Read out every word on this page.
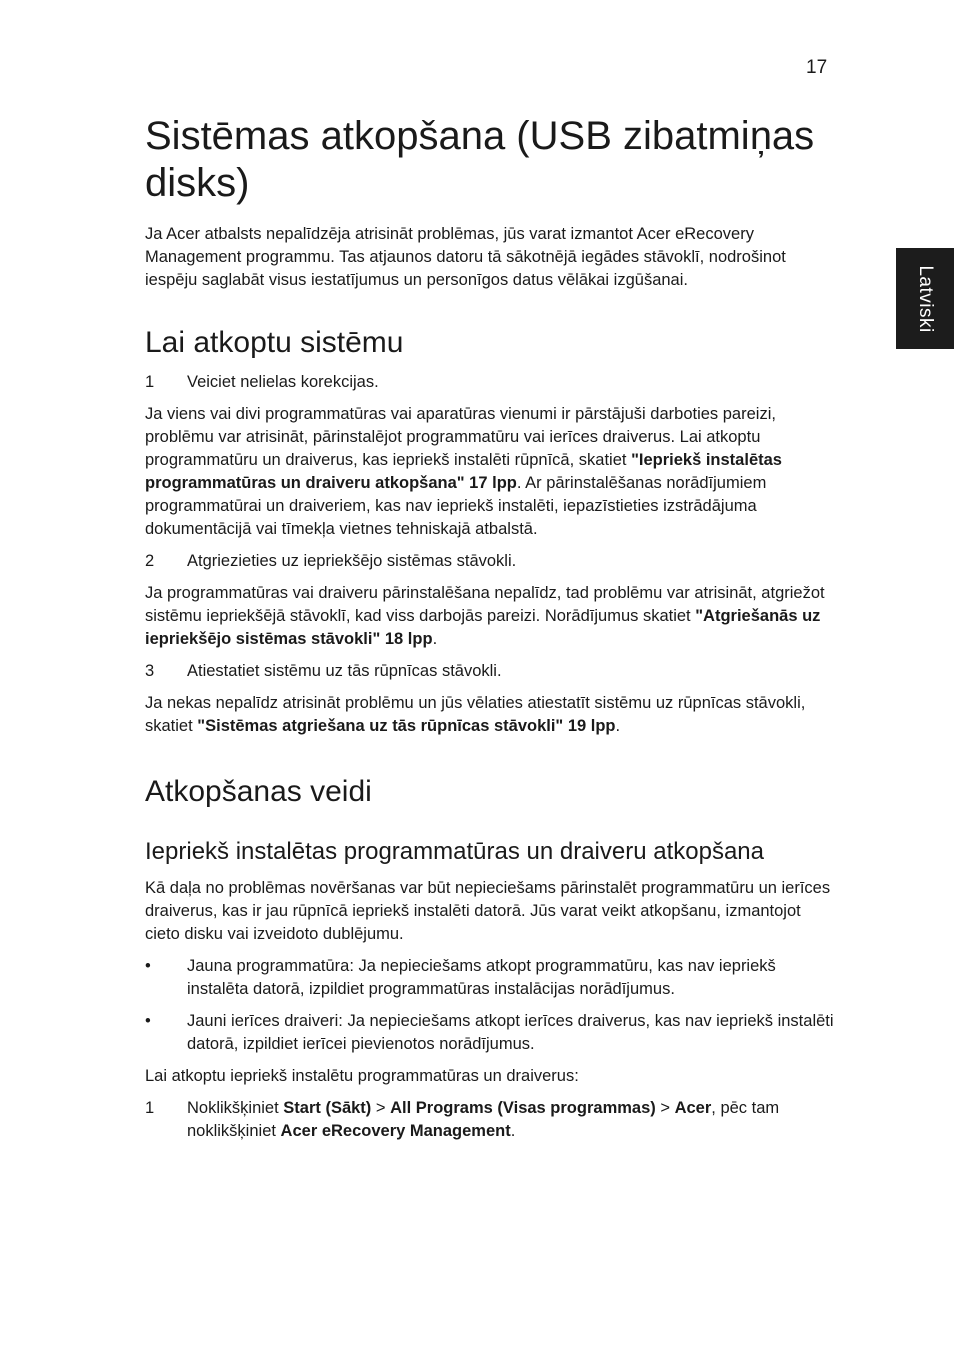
17
Latviski
Sistēmas atkopšana (USB zibatmiņas disks)

Ja Acer atbalsts nepalīdzēja atrisināt problēmas, jūs varat izmantot Acer eRecovery Management programmu. Tas atjaunos datoru tā sākotnējā iegādes stāvoklī, nodrošinot iespēju saglabāt visus iestatījumus un personīgos datus vēlākai izgūšanai.

Lai atkoptu sistēmu
1	Veiciet nelielas korekcijas.

Ja viens vai divi programmatūras vai aparatūras vienumi ir pārstājuši darboties pareizi, problēmu var atrisināt, pārinstalējot programmatūru vai ierīces draiverus. Lai atkoptu programmatūru un draiverus, kas iepriekš instalēti rūpnīcā, skatiet "Iepriekš instalētas programmatūras un draiveru atkopšana" 17 lpp. Ar pārinstalēšanas norādījumiem programmatūrai un draiveriem, kas nav iepriekš instalēti, iepazīstieties izstrādājuma dokumentācijā vai tīmekļa vietnes tehniskajā atbalstā.

2	Atgriezieties uz iepriekšējo sistēmas stāvokli.

Ja programmatūras vai draiveru pārinstalēšana nepalīdz, tad problēmu var atrisināt, atgriežot sistēmu iepriekšējā stāvoklī, kad viss darbojās pareizi. Norādījumus skatiet "Atgriešanās uz iepriekšējo sistēmas stāvokli" 18 lpp.

3	Atiestatiet sistēmu uz tās rūpnīcas stāvokli.

Ja nekas nepalīdz atrisināt problēmu un jūs vēlaties atiestatīt sistēmu uz rūpnīcas stāvokli, skatiet "Sistēmas atgriešana uz tās rūpnīcas stāvokli" 19 lpp.

Atkopšanas veidi
Iepriekš instalētas programmatūras un draiveru atkopšana

Kā daļa no problēmas novēršanas var būt nepieciešams pārinstalēt programmatūru un ierīces draiverus, kas ir jau rūpnīcā iepriekš instalēti datorā. Jūs varat veikt atkopšanu, izmantojot cieto disku vai izveidoto dublējumu.

•	Jauna programmatūra: Ja nepieciešams atkopt programmatūru, kas nav iepriekš instalēta datorā, izpildiet programmatūras instalācijas norādījumus.
•	Jauni ierīces draiveri: Ja nepieciešams atkopt ierīces draiverus, kas nav iepriekš instalēti datorā, izpildiet ierīcei pievienotos norādījumus.

Lai atkoptu iepriekš instalētu programmatūras un draiverus:

1	Noklikšķiniet Start (Sākt) > All Programs (Visas programmas) > Acer, pēc tam noklikšķiniet Acer eRecovery Management.
